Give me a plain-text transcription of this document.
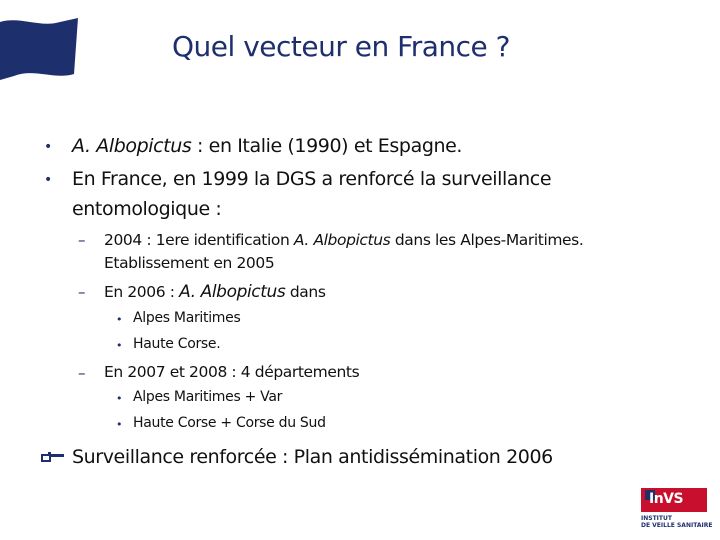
Quel vecteur en France ?
• A. Albopictus : en Italie (1990) et Espagne.
• En France, en 1999 la DGS a renforcé la surveillance
entomologique :
– 2004 : 1ere identification A. Albopictus dans les Alpes-Maritimes.
Etablissement en 2005
– En 2006 : A. Albopictus dans
• Alpes Maritimes
• Haute Corse.
– En 2007 et 2008 : 4 départements
• Alpes Maritimes + Var
• Haute Corse + Corse du Sud
Surveillance renforcée : Plan antidissémination 2006
InVS
INSTITUT
DE VEILLE SANITAIRE
